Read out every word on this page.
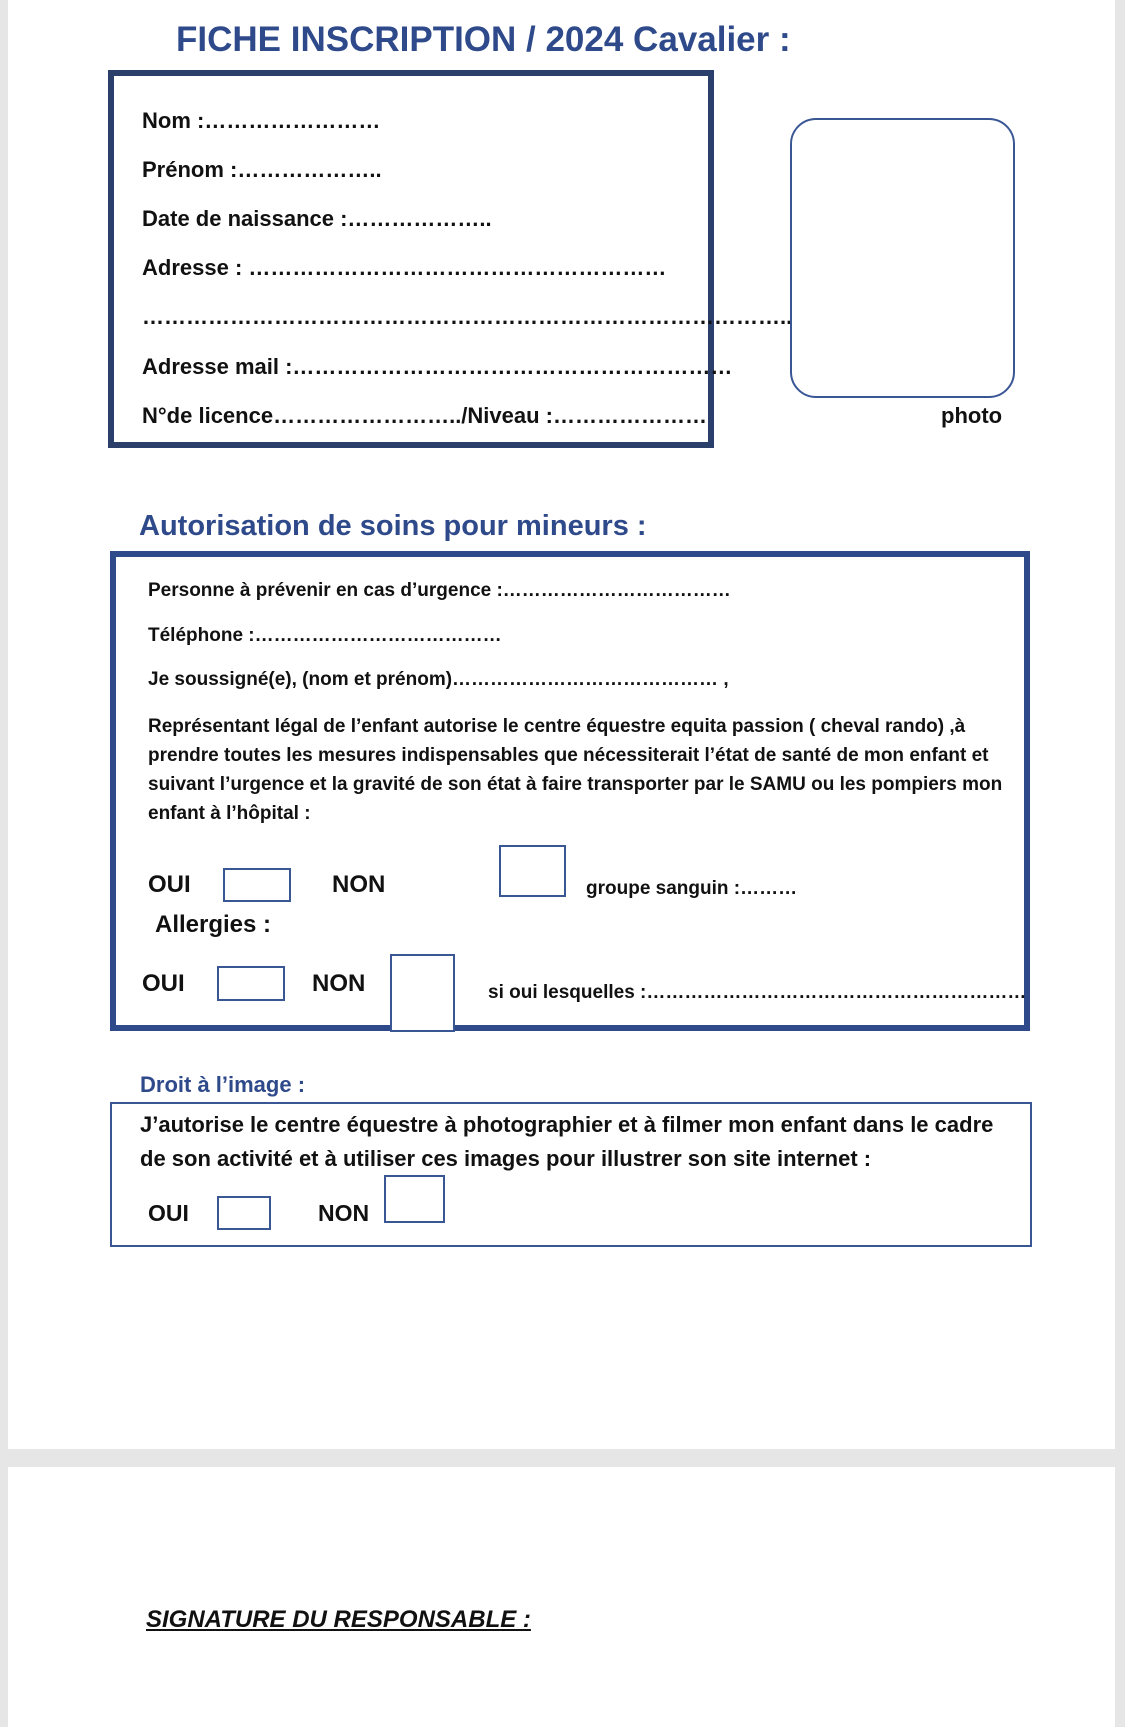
FICHE INSCRIPTION / 2024 Cavalier :
Nom :……………………
Prénom :………………..
Date de naissance :………………..
Adresse : …………………………………………………
……………………………………………………………………………..
Adresse mail :……………………………………………………
N°de licence……………………../Niveau :…………………	photo
Autorisation de soins pour mineurs :
Personne à prévenir en cas d’urgence :………………………………
Téléphone :…………………………………
Je soussigné(e), (nom et prénom)…………………………………… ,
Représentant légal de l’enfant autorise le centre équestre equita passion ( cheval rando) ,à prendre toutes les mesures indispensables que nécessiterait l’état de santé de mon enfant et suivant l’urgence et la gravité de son état à faire transporter par le SAMU ou les pompiers mon enfant à l’hôpital :
OUI	NON	groupe sanguin :………
Allergies :
OUI	NON	si oui lesquelles :……………………………………………………
Droit à l’image :
J’autorise le centre équestre à photographier et à filmer mon enfant dans le cadre de son activité et à utiliser ces images pour illustrer son site internet :
OUI	NON
SIGNATURE DU RESPONSABLE :
